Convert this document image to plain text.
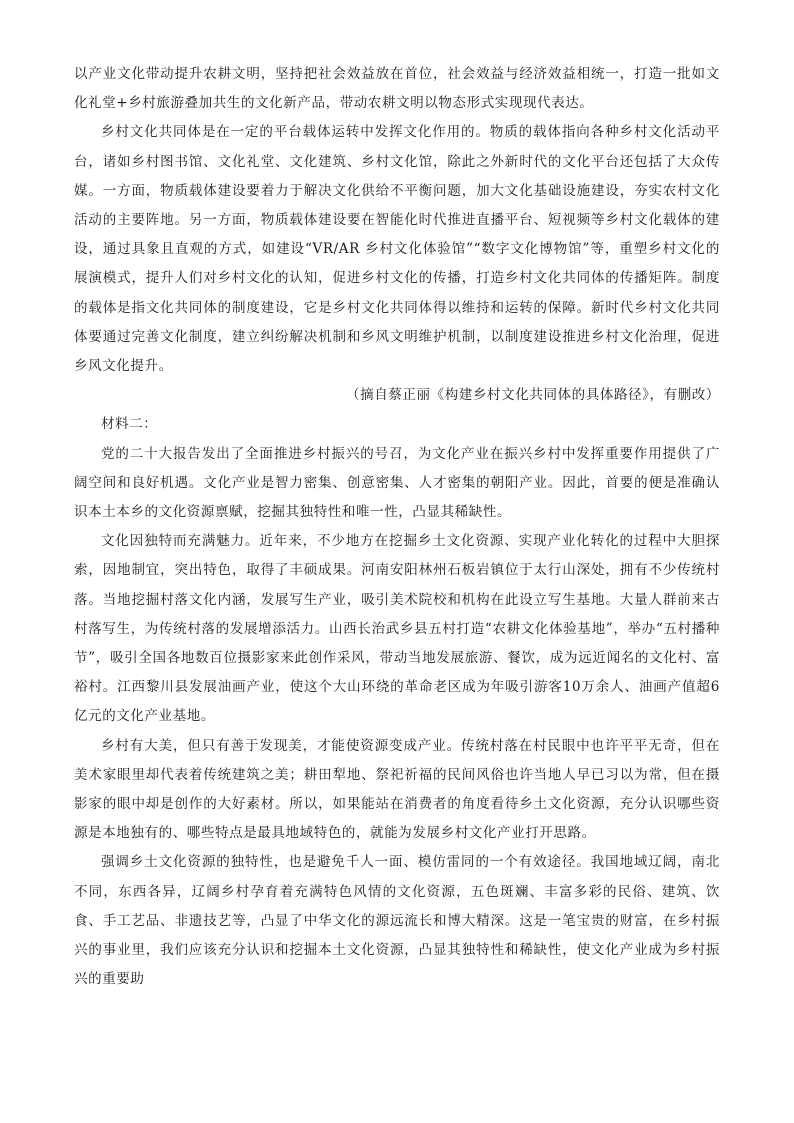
以产业文化带动提升农耕文明，坚持把社会效益放在首位，社会效益与经济效益相统一，打造一批如文化礼堂+乡村旅游叠加共生的文化新产品，带动农耕文明以物态形式实现现代表达。

乡村文化共同体是在一定的平台载体运转中发挥文化作用的。物质的载体指向各种乡村文化活动平台，诸如乡村图书馆、文化礼堂、文化建筑、乡村文化馆，除此之外新时代的文化平台还包括了大众传媒。一方面，物质载体建设要着力于解决文化供给不平衡问题，加大文化基础设施建设，夯实农村文化活动的主要阵地。另一方面，物质载体建设要在智能化时代推进直播平台、短视频等乡村文化载体的建设，通过具象且直观的方式，如建设“VR/AR 乡村文化体验馆”“数字文化博物馆”等，重塑乡村文化的展演模式，提升人们对乡村文化的认知，促进乡村文化的传播，打造乡村文化共同体的传播矩阵。制度的载体是指文化共同体的制度建设，它是乡村文化共同体得以维持和运转的保障。新时代乡村文化共同体要通过完善文化制度，建立纠纷解决机制和乡风文明维护机制，以制度建设推进乡村文化治理，促进乡风文化提升。

（摘自蔡正丽《构建乡村文化共同体的具体路径》，有删改）

材料二：

党的二十大报告发出了全面推进乡村振兴的号召，为文化产业在振兴乡村中发挥重要作用提供了广阔空间和良好机遇。文化产业是智力密集、创意密集、人才密集的朝阳产业。因此，首要的便是准确认识本土本乡的文化资源禀赋，挖掘其独特性和唯一性，凸显其稀缺性。

文化因独特而充满魅力。近年来，不少地方在挖掘乡土文化资源、实现产业化转化的过程中大胆探索，因地制宜，突出特色，取得了丰硕成果。河南安阳林州石板岩镇位于太行山深处，拥有不少传统村落。当地挖掘村落文化内涵，发展写生产业，吸引美术院校和机构在此设立写生基地。大量人群前来古村落写生，为传统村落的发展增添活力。山西长治武乡县五村打造“农耕文化体验基地”，举办“五村播种节”，吸引全国各地数百位摄影家来此创作采风，带动当地发展旅游、餐饮，成为远近闻名的文化村、富裕村。江西黎川县发展油画产业，使这个大山环绕的革命老区成为年吸引游客10万余人、油画产值超6亿元的文化产业基地。

乡村有大美，但只有善于发现美，才能使资源变成产业。传统村落在村民眼中也许平平无奇，但在美术家眼里却代表着传统建筑之美；耕田犁地、祭祀祈福的民间风俗也许当地人早已习以为常，但在摄影家的眼中却是创作的大好素材。所以，如果能站在消费者的角度看待乡土文化资源，充分认识哪些资源是本地独有的、哪些特点是最具地域特色的，就能为发展乡村文化产业打开思路。

强调乡土文化资源的独特性，也是避免千人一面、模仿雷同的一个有效途径。我国地域辽阔，南北不同，东西各异，辽阔乡村孕育着充满特色风情的文化资源，五色斑斓、丰富多彩的民俗、建筑、饮食、手工艺品、非遗技艺等，凸显了中华文化的源远流长和博大精深。这是一笔宝贵的财富，在乡村振兴的事业里，我们应该充分认识和挖掘本土文化资源，凸显其独特性和稀缺性，使文化产业成为乡村振兴的重要助
